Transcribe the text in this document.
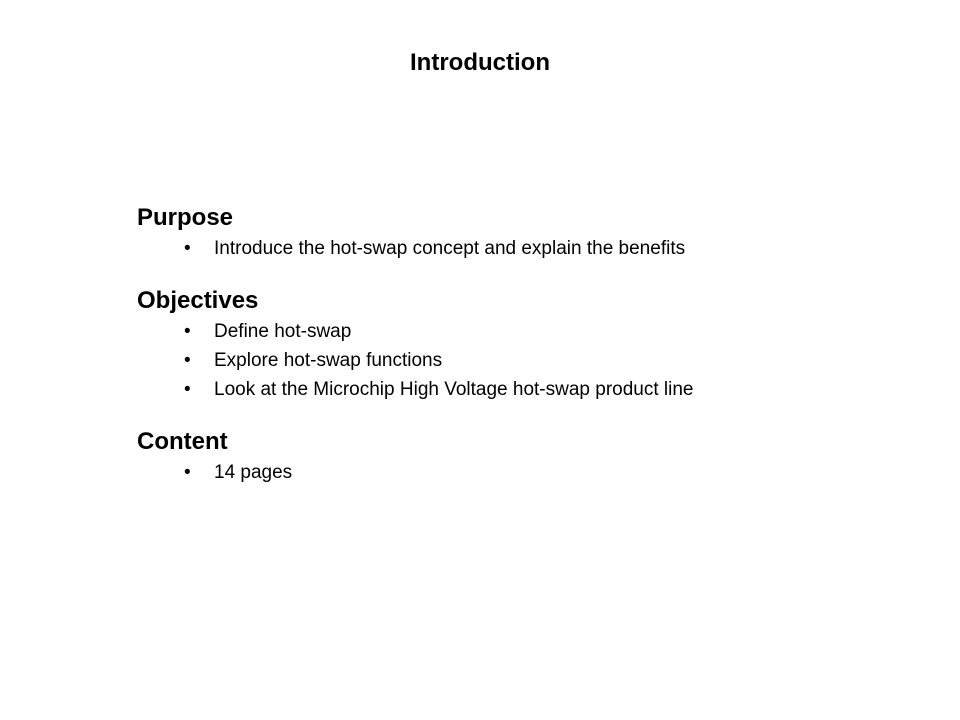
Introduction
Purpose
• Introduce the hot-swap concept and explain the benefits
Objectives
• Define hot-swap
• Explore hot-swap functions
• Look at the Microchip High Voltage hot-swap product line
Content
• 14 pages
